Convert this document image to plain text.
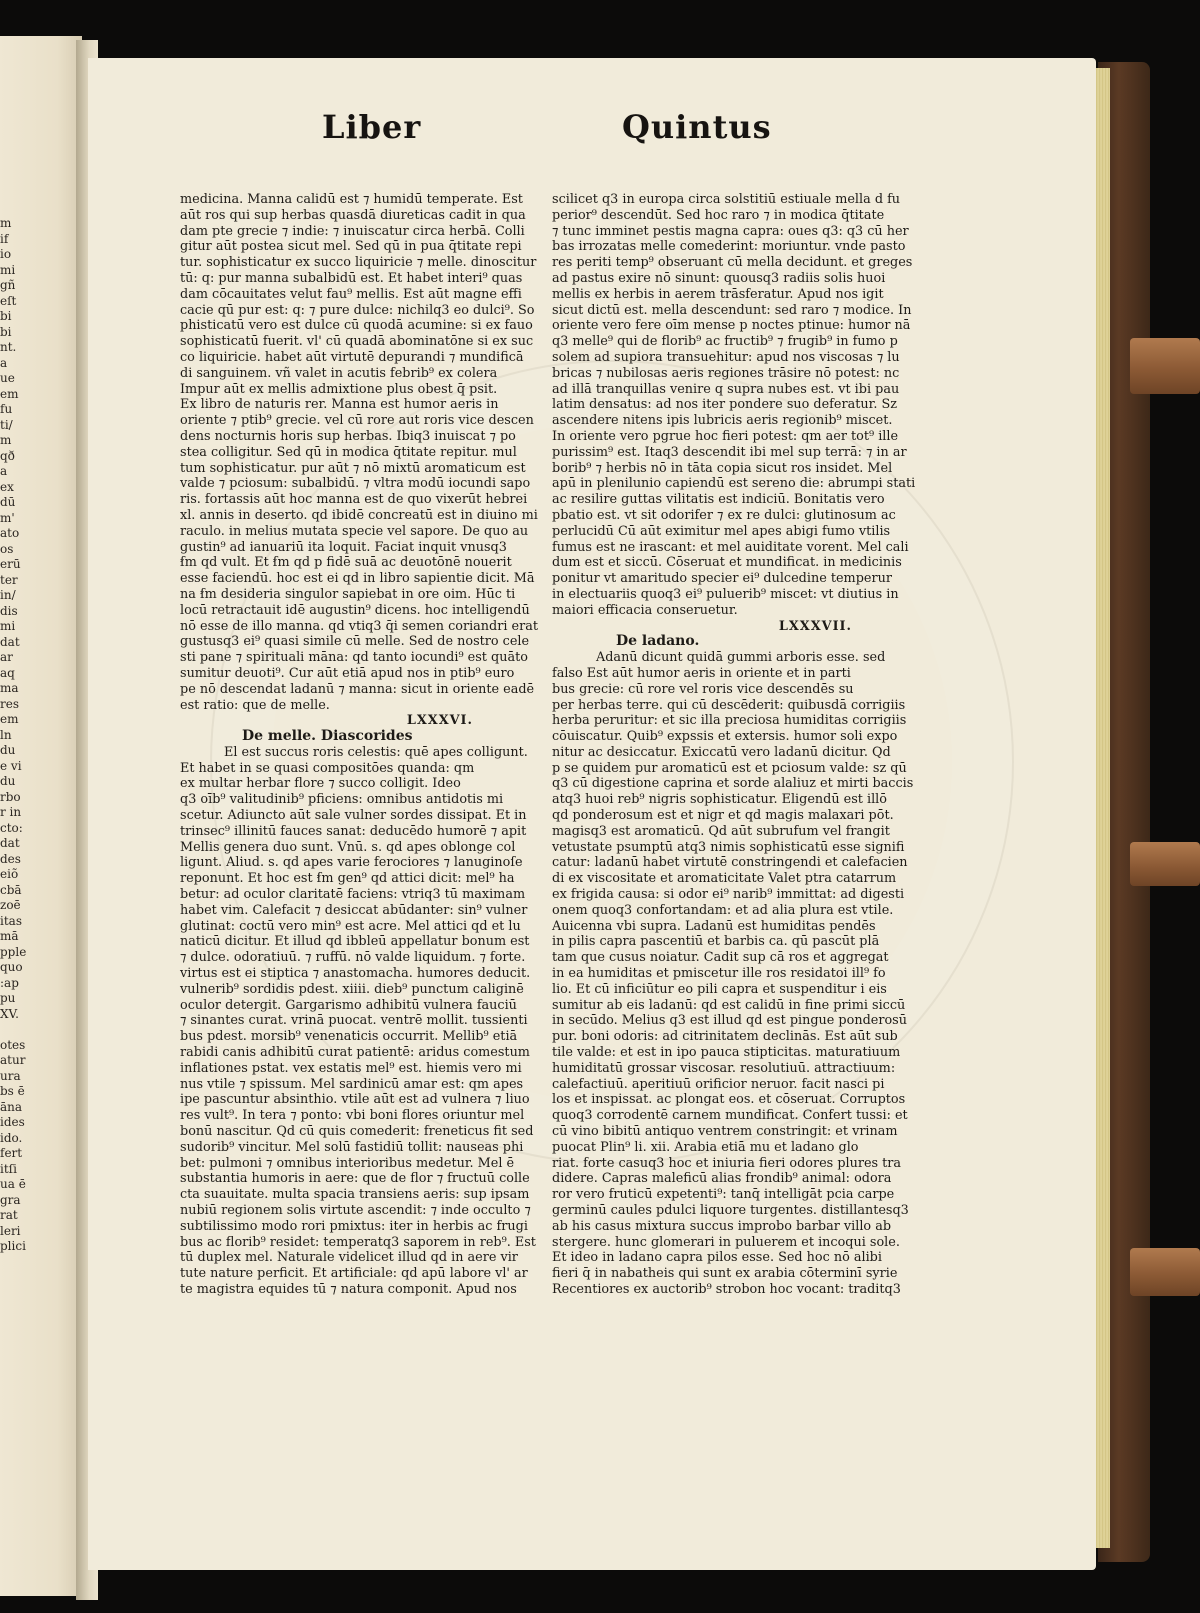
m
if
io
mi
gñ
eſt
bi
bi
nt.
a
ue
em
fu
ti/
m
qð
a
ex
dū
m'
ato
os
erū
ter
in/
dis
mi
dat
ar
aq
ma
res
em
ln
du
e vi
du
rbo
r in
cto:
dat
des
eiõ
cbā
zoē
itas
mā
pple
quo
:ap
pu
XV.

otes
atur
ura
bs ē
āna
ides
ido.
fert
itſi
ua ē
gra
rat
leri
plici
Liber	Quintus
medicina. Manna calidū est ⁊ humidū temperate. Est
aūt ros qui sup herbas quasdā diureticas cadit in qua
dam pte grecie ⁊ indie: ⁊ inuiscatur circa herbā. Colli
gitur aūt postea sicut mel. Sed qū in pua q̄titate repi
tur. sophisticatur ex succo liquiricie ⁊ melle. dinoscitur
tū: q: pur manna subalbidū est. Et habet interi⁹ quas
dam cōcauitates velut fau⁹ mellis. Est aūt magne effi
cacie qū pur est: q: ⁊ pure dulce: nichilq3 eo dulci⁹. So
phisticatū vero est dulce cū quodā acumine: si ex fauo
sophisticatū fuerit. vl' cū quadā abominatōne si ex suc
co liquiricie. habet aūt virtutē depurandi ⁊ mundificā
di sanguinem. vñ valet in acutis febrib⁹ ex colera
Impur aūt ex mellis admixtione plus obest q̄ psit.
Ex libro de naturis rer. Manna est humor aeris in
oriente ⁊ ptib⁹ grecie. vel cū rore aut roris vice descen
dens nocturnis horis sup herbas. Ibiq3 inuiscat ⁊ po
stea colligitur. Sed qū in modica q̄titate repitur. mul
tum sophisticatur. pur aūt ⁊ nō mixtū aromaticum est
valde ⁊ pciosum: subalbidū. ⁊ vltra modū iocundi sapo
ris. fortassis aūt hoc manna est de quo vixerūt hebrei
xl. annis in deserto. qd ibidē concreatū est in diuino mi
raculo. in melius mutata specie vel sapore. De quo au
gustin⁹ ad ianuariū ita loquit. Faciat inquit vnusq3
ẜm qd vult. Et ẜm qd p fidē suā ac deuotōnē nouerit
esse faciendū. hoc est ei qd in libro sapientie dicit. Mā
na ẜm desideria singulor sapiebat in ore oim. Hūc ti
locū retractauit idē augustin⁹ dicens. hoc intelligendū
nō esse de illo manna. qd vtiq3 q̄i semen coriandri erat
gustusq3 ei⁹ quasi simile cū melle. Sed de nostro cele
sti pane ⁊ spirituali māna: qd tanto iocundi⁹ est quāto
sumitur deuoti⁹. Cur aūt etiā apud nos in ptib⁹ euro
pe nō descendat ladanū ⁊ manna: sicut in oriente eadē
est ratio: que de melle.
LXXXVI.
De melle. Diascorides
El est succus roris celestis: quē apes colligunt.
Et habet in se quasi compositōes quanda: qm
ex multar herbar flore ⁊ succo colligit. Ideo
q3 oīb⁹ valitudinib⁹ pficiens: omnibus antidotis mi
scetur. Adiuncto aūt sale vulner sordes dissipat. Et in
trinsec⁹ illinitū fauces sanat: deducēdo humorē ⁊ apit
Mellis genera duo sunt. Vnū. s. qd apes oblonge col
ligunt. Aliud. s. qd apes varie ferociores ⁊ lanuginoſe
reponunt. Et hoc est ẜm gen⁹ qd attici dicit: mel⁹ ha
betur: ad oculor claritatē faciens: vtriq3 tū maximam
habet vim. Calefacit ⁊ desiccat abūdanter: sin⁹ vulner
glutinat: coctū vero min⁹ est acre. Mel attici qd et lu
naticū dicitur. Et illud qd ibbleū appellatur bonum est
⁊ dulce. odoratiuū. ⁊ ruffū. nō valde liquidum. ⁊ forte.
virtus est ei stiptica ⁊ anastomacha. humores deducit.
vulnerib⁹ sordidis pdest. xiiii. dieb⁹ punctum caliginē
oculor detergit. Gargarismo adhibitū vulnera fauciū
⁊ sinantes curat. vrinā puocat. ventrē mollit. tussienti
bus pdest. morsib⁹ venenaticis occurrit. Mellib⁹ etiā
rabidi canis adhibitū curat patientē: aridus comestum
inflationes pstat. vex estatis mel⁹ est. hiemis vero mi
nus vtile ⁊ spissum. Mel sardinicū amar est: qm apes
ipe pascuntur absinthio. vtile aūt est ad vulnera ⁊ liuo
res vult⁹. In tera ⁊ ponto: vbi boni flores oriuntur mel
bonū nascitur. Qd cū quis comederit: freneticus fit sed
sudorib⁹ vincitur. Mel solū fastidiū tollit: nauseas phi
bet: pulmoni ⁊ omnibus interioribus medetur. Mel ē
substantia humoris in aere: que de flor ⁊ fructuū colle
cta suauitate. multa spacia transiens aeris: sup ipsam
nubiū regionem solis virtute ascendit: ⁊ inde occulto ⁊
subtilissimo modo rori pmixtus: iter in herbis ac frugi
bus ac florib⁹ residet: temperatq3 saporem in reb⁹. Est
tū duplex mel. Naturale videlicet illud qd in aere vir
tute nature perficit. Et artificiale: qd apū labore vl' ar
te magistra equides tū ⁊ natura componit. Apud nos
scilicet q3 in europa circa solstitiū estiuale mella d fu
perior⁹ descendūt. Sed hoc raro ⁊ in modica q̄titate
⁊ tunc imminet pestis magna capra: oues q3: q3 cū her
bas irrozatas melle comederint: moriuntur. vnde pasto
res periti temp⁹ obseruant cū mella decidunt. et greges
ad pastus exire nō sinunt: quousq3 radiis solis huoi
mellis ex herbis in aerem trāsferatur. Apud nos igit
sicut dictū est. mella descendunt: sed raro ⁊ modice. In
oriente vero fere oīm mense p noctes ptinue: humor nā
q3 melle⁹ qui de florib⁹ ac fructib⁹ ⁊ frugib⁹ in fumo p
solem ad supiora transuehitur: apud nos viscosas ⁊ lu
bricas ⁊ nubilosas aeris regiones trāsire nō potest: nc
ad illā tranquillas venire q supra nubes est. vt ibi pau
latim densatus: ad nos iter pondere suo deferatur. Sz
ascendere nitens ipis lubricis aeris regionib⁹ miscet.
In oriente vero pgrue hoc fieri potest: qm aer tot⁹ ille
purissim⁹ est. Itaq3 descendit ibi mel sup terrā: ⁊ in ar
borib⁹ ⁊ herbis nō in tāta copia sicut ros insidet. Mel
apū in plenilunio capiendū est sereno die: abrumpi stati
ac resilire guttas vilitatis est indiciū. Bonitatis vero
pbatio est. vt sit odorifer ⁊ ex re dulci: glutinosum ac
perlucidū Cū aūt eximitur mel apes abigi fumo vtilis
fumus est ne irascant: et mel auiditate vorent. Mel cali
dum est et siccū. Cōseruat et mundificat. in medicinis
ponitur vt amaritudo specier ei⁹ dulcedine temperur
in electuariis quoq3 ei⁹ puluerib⁹ miscet: vt diutius in
maiori efficacia conseruetur.
LXXXVII.
De ladano.
Adanū dicunt quidā gummi arboris esse. sed
falso Est aūt humor aeris in oriente et in parti
bus grecie: cū rore vel roris vice descendēs su
per herbas terre. qui cū descēderit: quibusdā corrigiis
herba peruritur: et sic illa preciosa humiditas corrigiis
cōuiscatur. Quib⁹ expssis et extersis. humor soli expo
nitur ac desiccatur. Exiccatū vero ladanū dicitur. Qd
p se quidem pur aromaticū est et pciosum valde: sz qū
q3 cū digestione caprina et sorde alaliuz et mirti baccis
atq3 huoi reb⁹ nigris sophisticatur. Eligendū est illō
qd ponderosum est et nigr et qd magis malaxari pōt.
magisq3 est aromaticū. Qd aūt subrufum vel frangit
vetustate psumptū atq3 nimis sophisticatū esse signifi
catur: ladanū habet virtutē constringendi et calefacien
di ex viscositate et aromaticitate Valet ptra catarrum
ex frigida causa: si odor ei⁹ narib⁹ immittat: ad digesti
onem quoq3 confortandam: et ad alia plura est vtile.
Auicenna vbi supra. Ladanū est humiditas pendēs
in pilis capra pascentiū et barbis ca. qū pascūt plā
tam que cusus noiatur. Cadit sup cā ros et aggregat
in ea humiditas et pmiscetur ille ros residatoi ill⁹ fo
lio. Et cū inficiūtur eo pili capra et suspenditur i eis
sumitur ab eis ladanū: qd est calidū in fine primi siccū
in secūdo. Melius q3 est illud qd est pingue ponderosū
pur. boni odoris: ad citrinitatem declinās. Est aūt sub
tile valde: et est in ipo pauca stipticitas. maturatiuum
humiditatū grossar viscosar. resolutiuū. attractiuum:
calefactiuū. aperitiuū orificior neruor. facit nasci pi
los et inspissat. ac plongat eos. et cōseruat. Corruptos
quoq3 corrodentē carnem mundificat. Confert tussi: et
cū vino bibitū antiquo ventrem constringit: et vrinam
puocat Plin⁹ li. xii. Arabia etiā mu et ladano glo
riat. forte casuq3 hoc et iniuria fieri odores plures tra
didere. Capras maleficū alias frondib⁹ animal: odora
ror vero fruticū expetenti⁹: tanq̄ intelligāt pcia carpe
germinū caules pdulci liquore turgentes. distillantesq3
ab his casus mixtura succus improbo barbar villo ab
stergere. hunc glomerari in puluerem et incoqui sole.
Et ideo in ladano capra pilos esse. Sed hoc nō alibi
fieri q̄ in nabatheis qui sunt ex arabia cōterminī syrie
Recentiores ex auctorib⁹ strobon hoc vocant: traditq3
